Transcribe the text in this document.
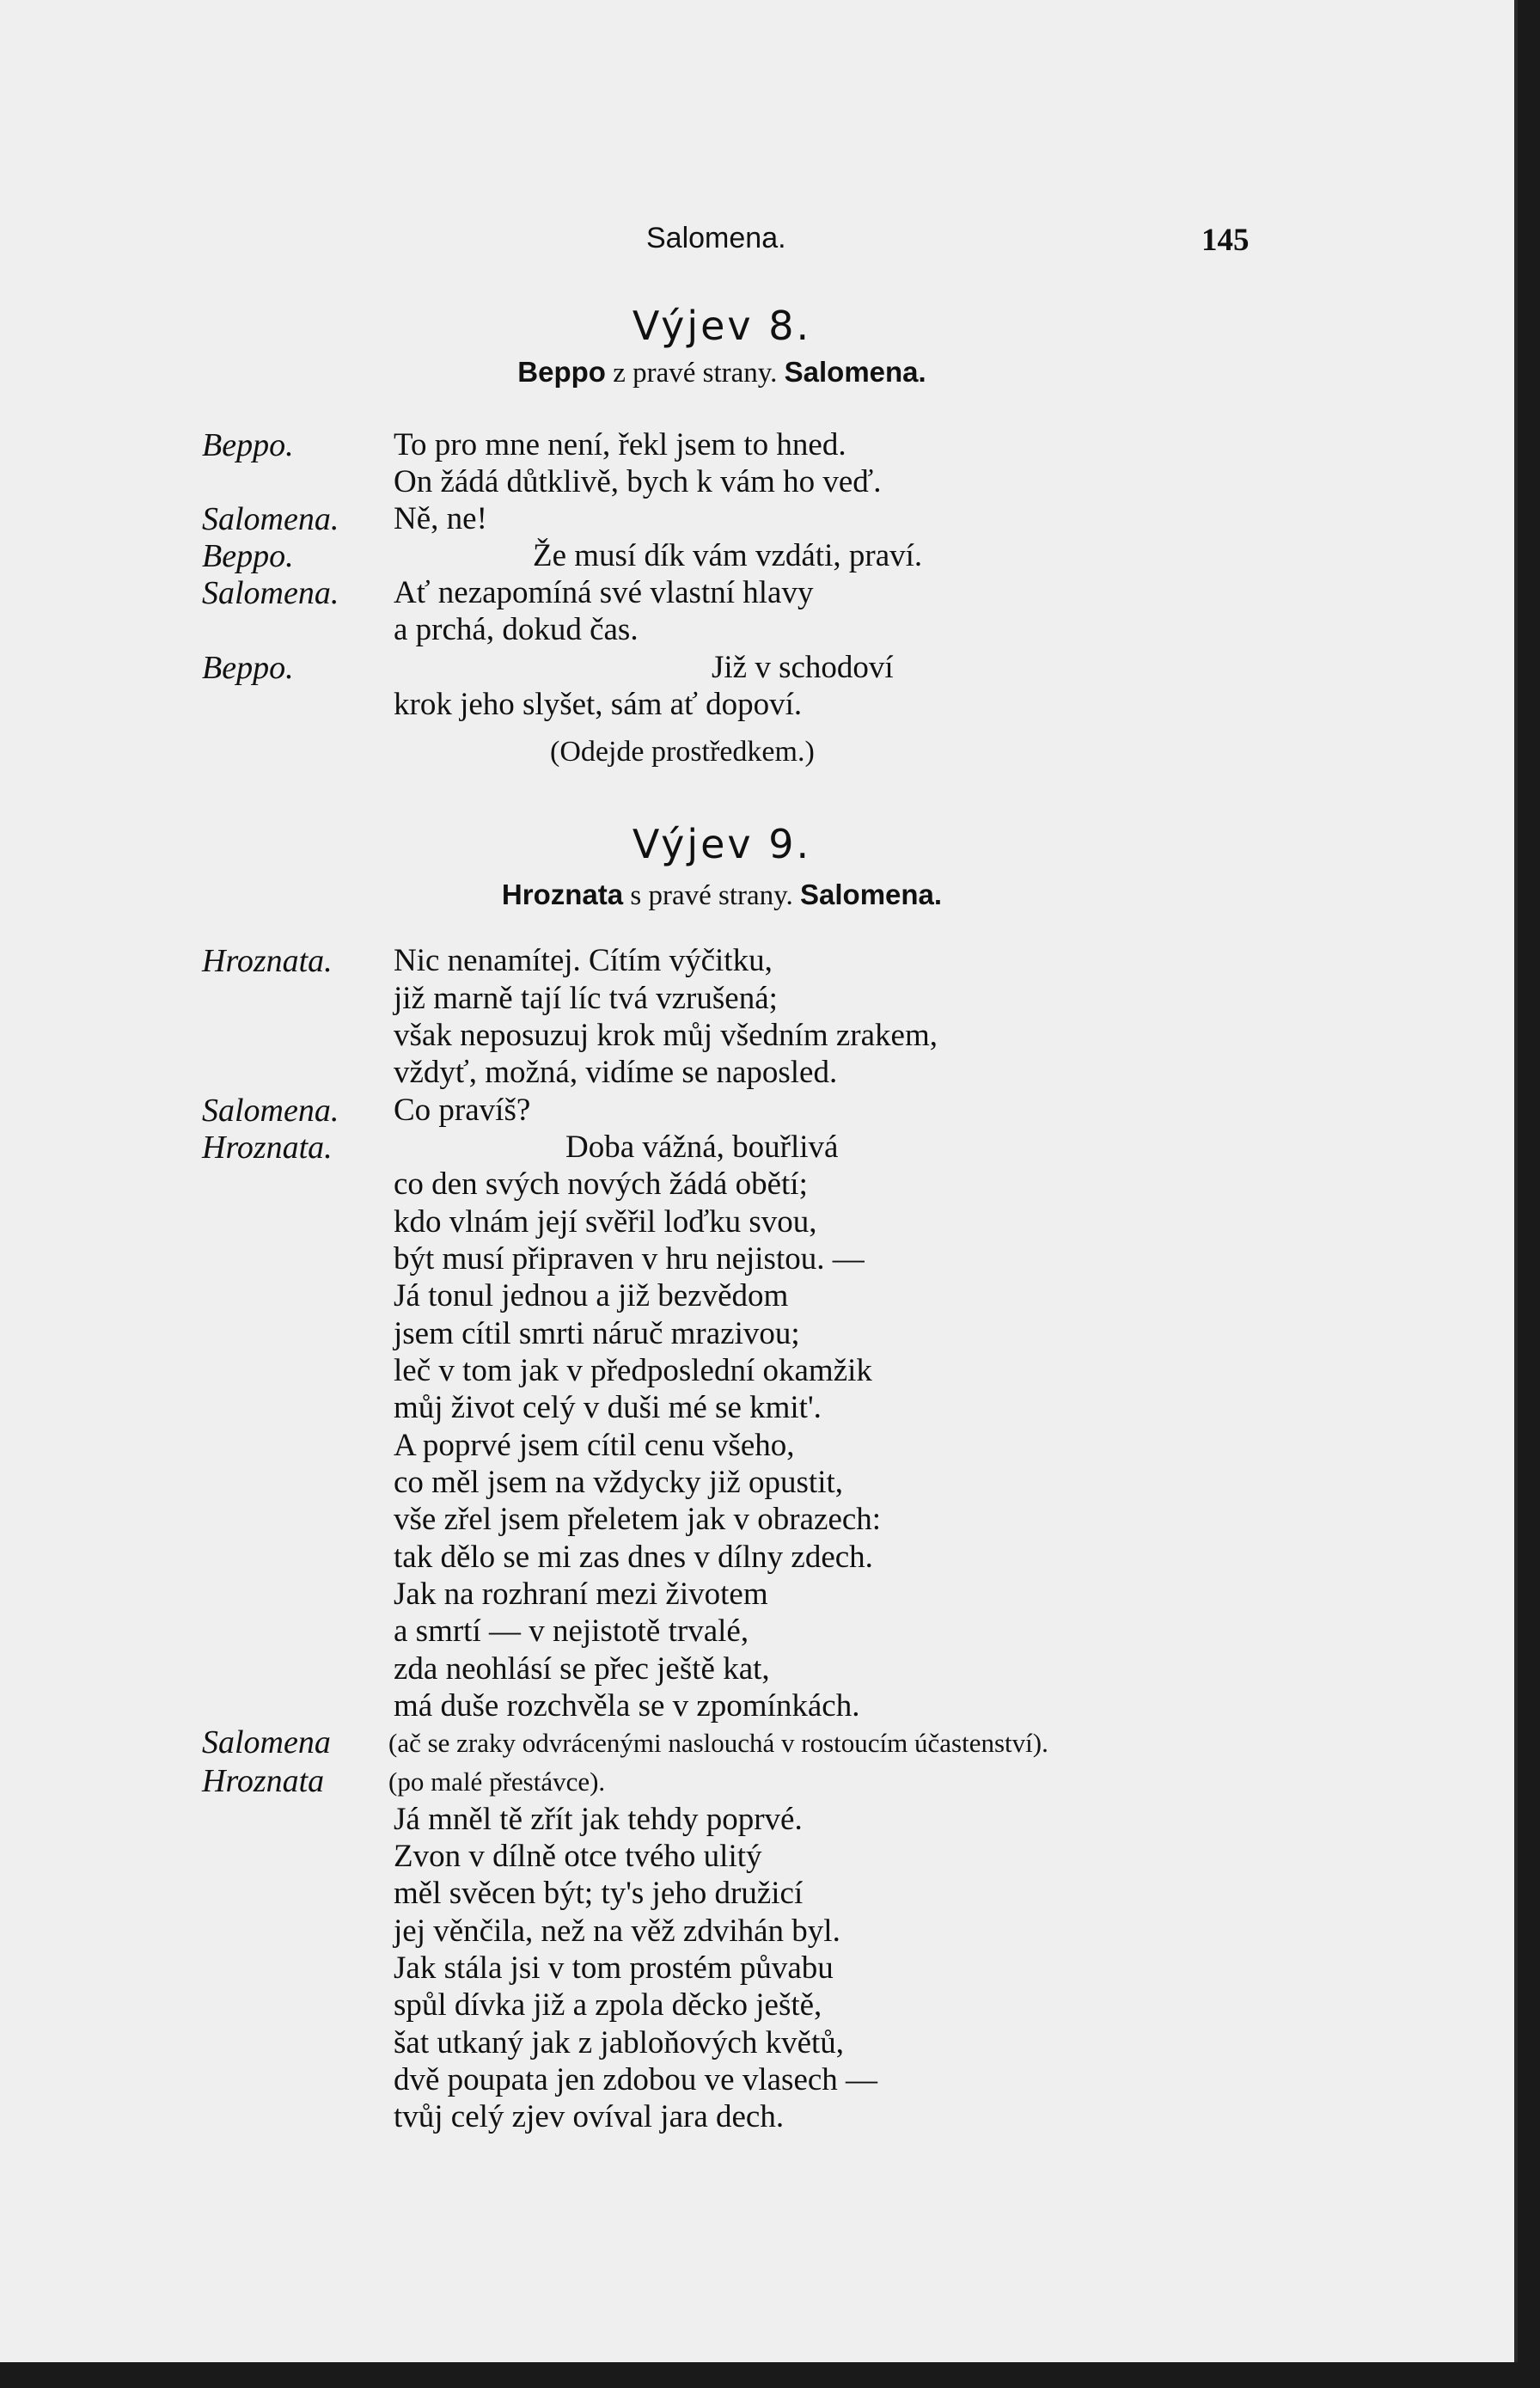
Salomena.	145
Výjev 8.
Beppo z pravé strany. Salomena.
Beppo.
Salomena.
Beppo.
Salomena.
Beppo.
To pro mne není, řekl jsem to hned.
On žádá důtklivě, bych k vám ho veď.
Ně, ne!
Že musí dík vám vzdáti, praví.
Ať nezapomíná své vlastní hlavy
a prchá, dokud čas.
Již v schodoví
krok jeho slyšet, sám ať dopoví.
(Odejde prostředkem.)
Výjev 9.
Hroznata s pravé strany. Salomena.
Hroznata.
Salomena.
Hroznata.
Salomena
Hroznata
Nic nenamítej. Cítím výčitku,
již marně tají líc tvá vzrušená;
však neposuzuj krok můj všedním zrakem,
vždyť, možná, vidíme se naposled.
Co pravíš?
Doba vážná, bouřlivá
co den svých nových žádá obětí;
kdo vlnám její svěřil loďku svou,
být musí připraven v hru nejistou. —
Já tonul jednou a již bezvědom
jsem cítil smrti náruč mrazivou;
leč v tom jak v předposlední okamžik
můj život celý v duši mé se kmit'.
A poprvé jsem cítil cenu všeho,
co měl jsem na vždycky již opustit,
vše zřel jsem přeletem jak v obrazech:
tak dělo se mi zas dnes v dílny zdech.
Jak na rozhraní mezi životem
a smrtí — v nejistotě trvalé,
zda neohlásí se přec ještě kat,
má duše rozchvěla se v zpomínkách.
(ač se zraky odvrácenými naslouchá v rostoucím účastenství).
(po malé přestávce).
Já mněl tě zřít jak tehdy poprvé.
Zvon v dílně otce tvého ulitý
měl svěcen být; ty's jeho družicí
jej věnčila, než na věž zdvihán byl.
Jak stála jsi v tom prostém půvabu
spůl dívka již a zpola děcko ještě,
šat utkaný jak z jabloňových květů,
dvě poupata jen zdobou ve vlasech —
tvůj celý zjev ovíval jara dech.
